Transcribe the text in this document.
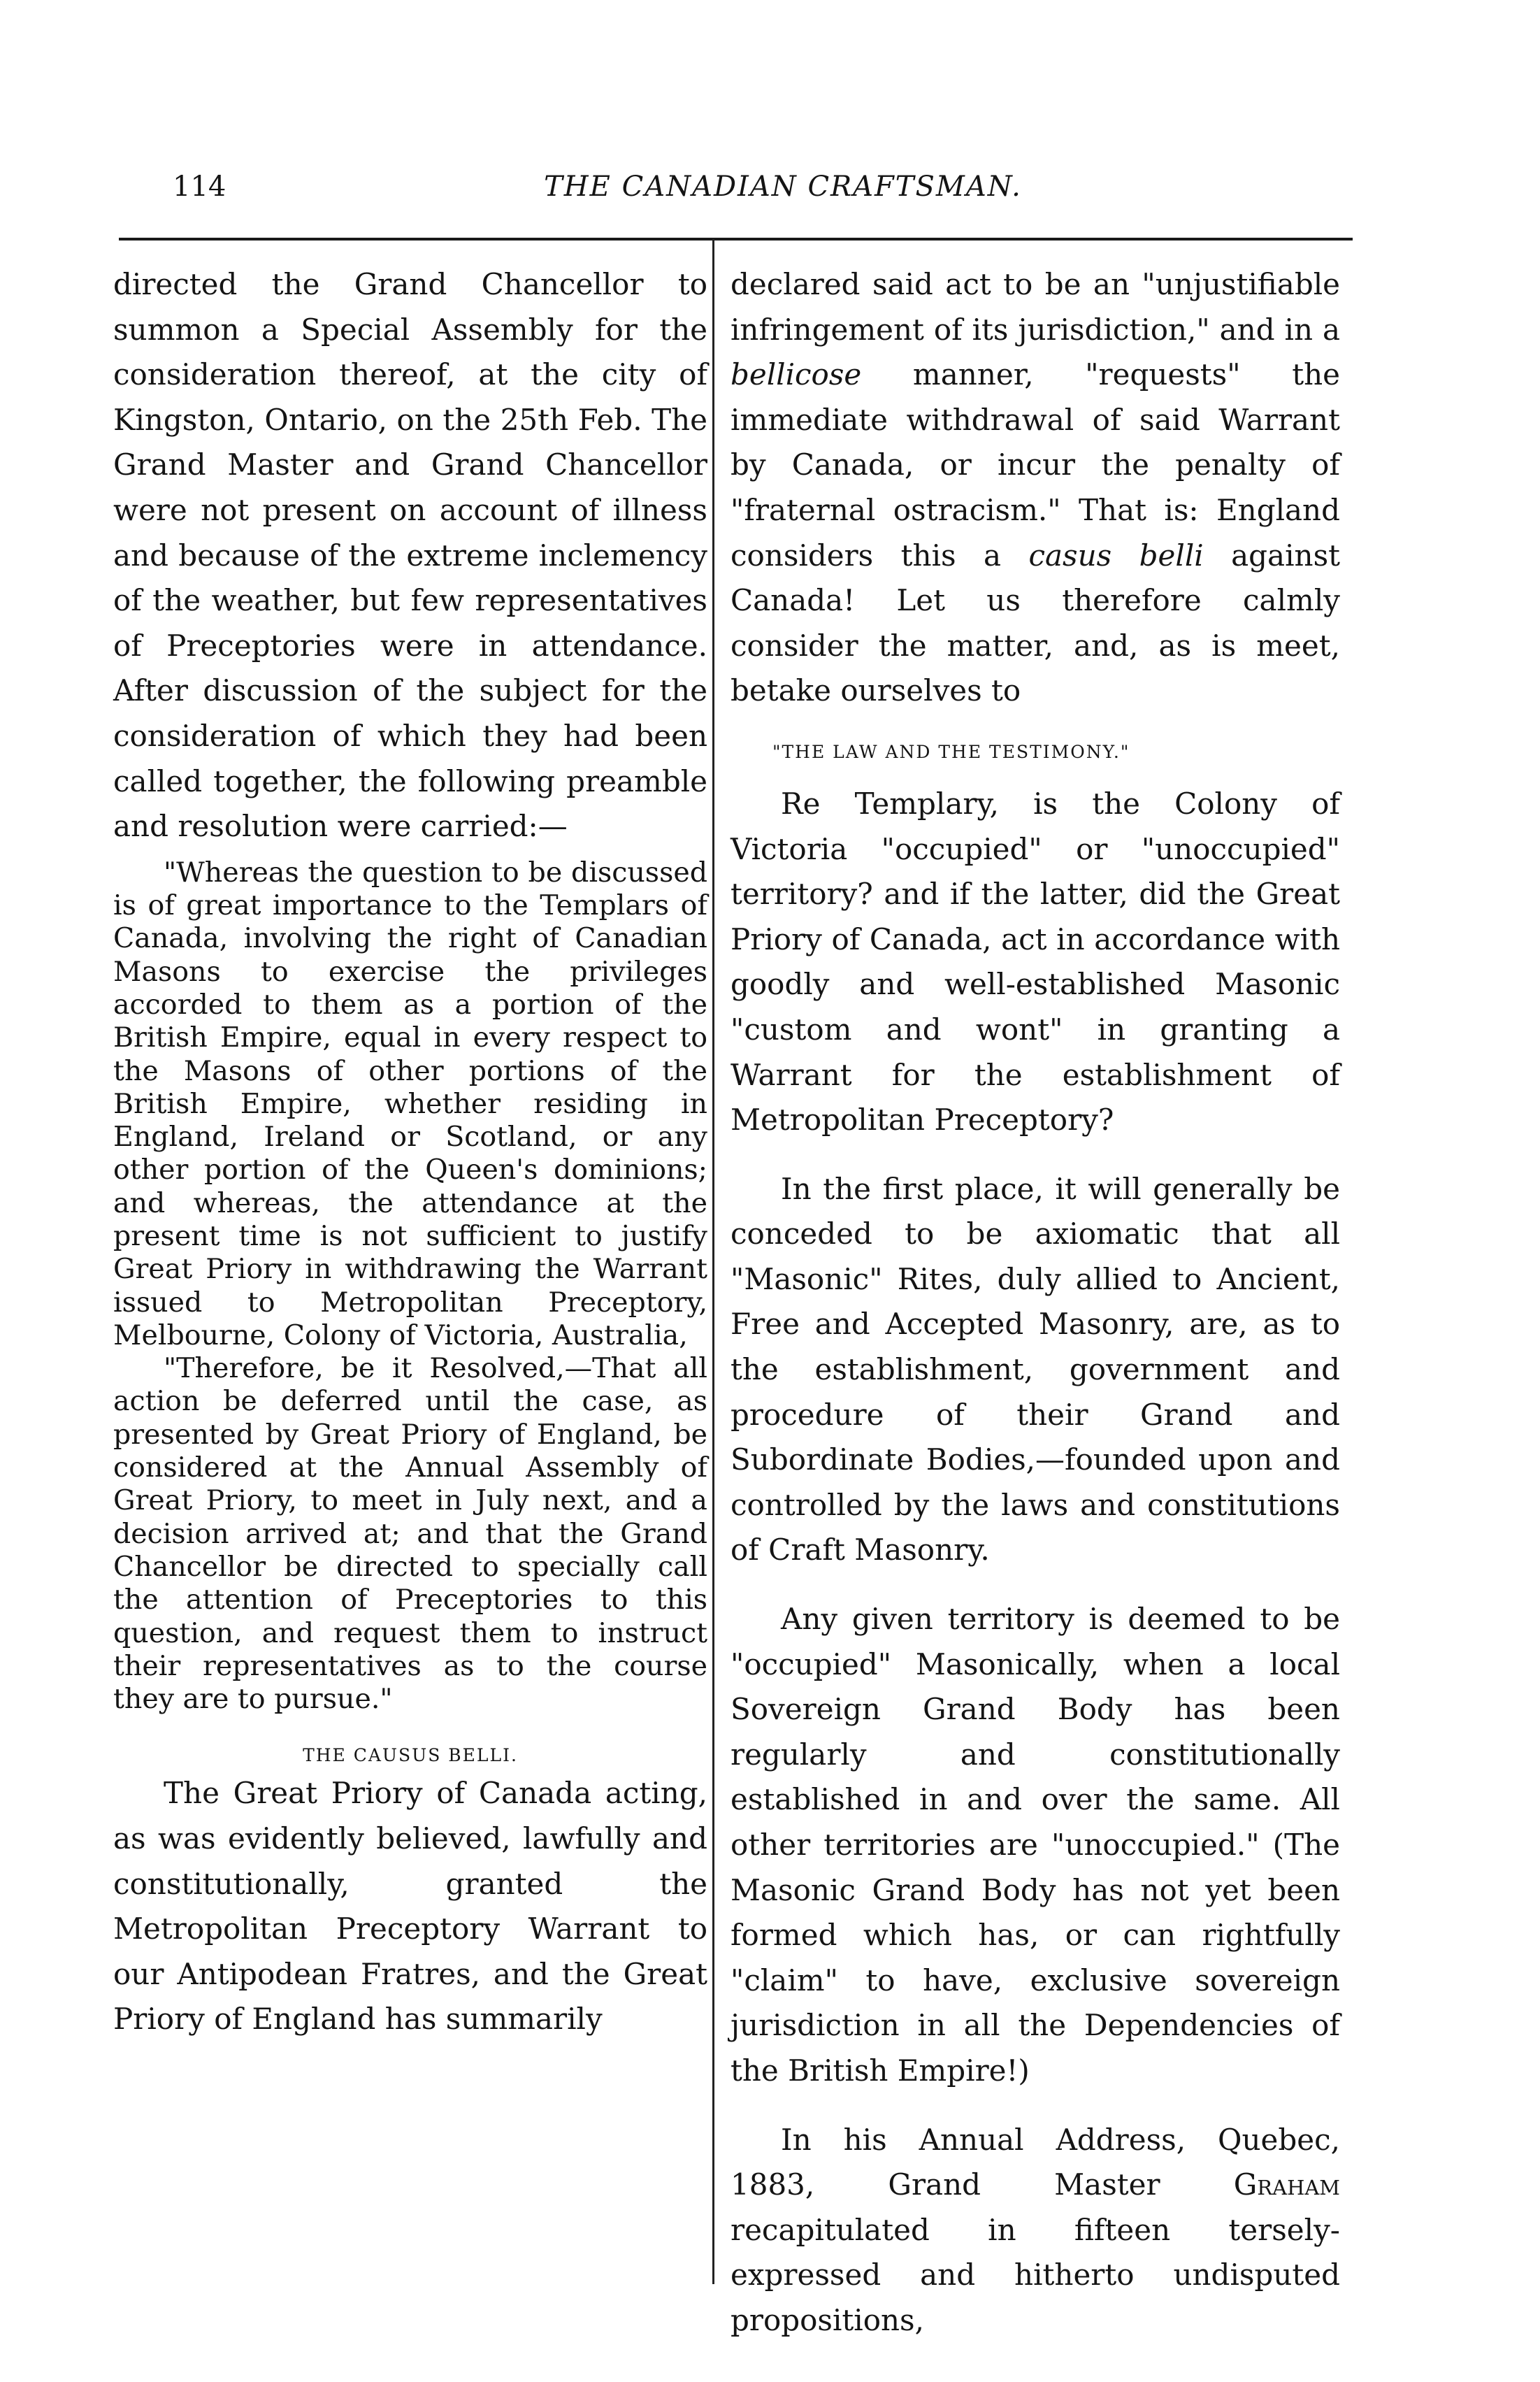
114	THE CANADIAN CRAFTSMAN.

directed the Grand Chancellor to summon a Special Assembly for the consideration thereof, at the city of Kingston, Ontario, on the 25th Feb. The Grand Master and Grand Chancellor were not present on account of illness and because of the extreme inclemency of the weather, but few representatives of Preceptories were in attendance. After discussion of the subject for the consideration of which they had been called together, the following preamble and resolution were carried:—

"Whereas the question to be discussed is of great importance to the Templars of Canada, involving the right of Canadian Masons to exercise the privileges accorded to them as a portion of the British Empire, equal in every respect to the Masons of other portions of the British Empire, whether residing in England, Ireland or Scotland, or any other portion of the Queen's dominions; and whereas, the attendance at the present time is not sufficient to justify Great Priory in withdrawing the Warrant issued to Metropolitan Preceptory, Melbourne, Colony of Victoria, Australia,

"Therefore, be it Resolved,—That all action be deferred until the case, as presented by Great Priory of England, be considered at the Annual Assembly of Great Priory, to meet in July next, and a decision arrived at; and that the Grand Chancellor be directed to specially call the attention of Preceptories to this question, and request them to instruct their representatives as to the course they are to pursue."

THE CAUSUS BELLI.

The Great Priory of Canada acting, as was evidently believed, lawfully and constitutionally, granted the Metropolitan Preceptory Warrant to our Antipodean Fratres, and the Great Priory of England has summarily

declared said act to be an "unjustifiable infringement of its jurisdiction," and in a bellicose manner, "requests" the immediate withdrawal of said Warrant by Canada, or incur the penalty of "fraternal ostracism." That is: England considers this a casus belli against Canada! Let us therefore calmly consider the matter, and, as is meet, betake ourselves to

"THE LAW AND THE TESTIMONY."

Re Templary, is the Colony of Victoria "occupied" or "unoccupied" territory? and if the latter, did the Great Priory of Canada, act in accordance with goodly and well-established Masonic "custom and wont" in granting a Warrant for the establishment of Metropolitan Preceptory?

In the first place, it will generally be conceded to be axiomatic that all "Masonic" Rites, duly allied to Ancient, Free and Accepted Masonry, are, as to the establishment, government and procedure of their Grand and Subordinate Bodies,—founded upon and controlled by the laws and constitutions of Craft Masonry.

Any given territory is deemed to be "occupied" Masonically, when a local Sovereign Grand Body has been regularly and constitutionally established in and over the same. All other territories are "unoccupied." (The Masonic Grand Body has not yet been formed which has, or can rightfully "claim" to have, exclusive sovereign jurisdiction in all the Dependencies of the British Empire!)

In his Annual Address, Quebec, 1883, Grand Master Graham recapitulated in fifteen tersely-expressed and hitherto undisputed propositions,
